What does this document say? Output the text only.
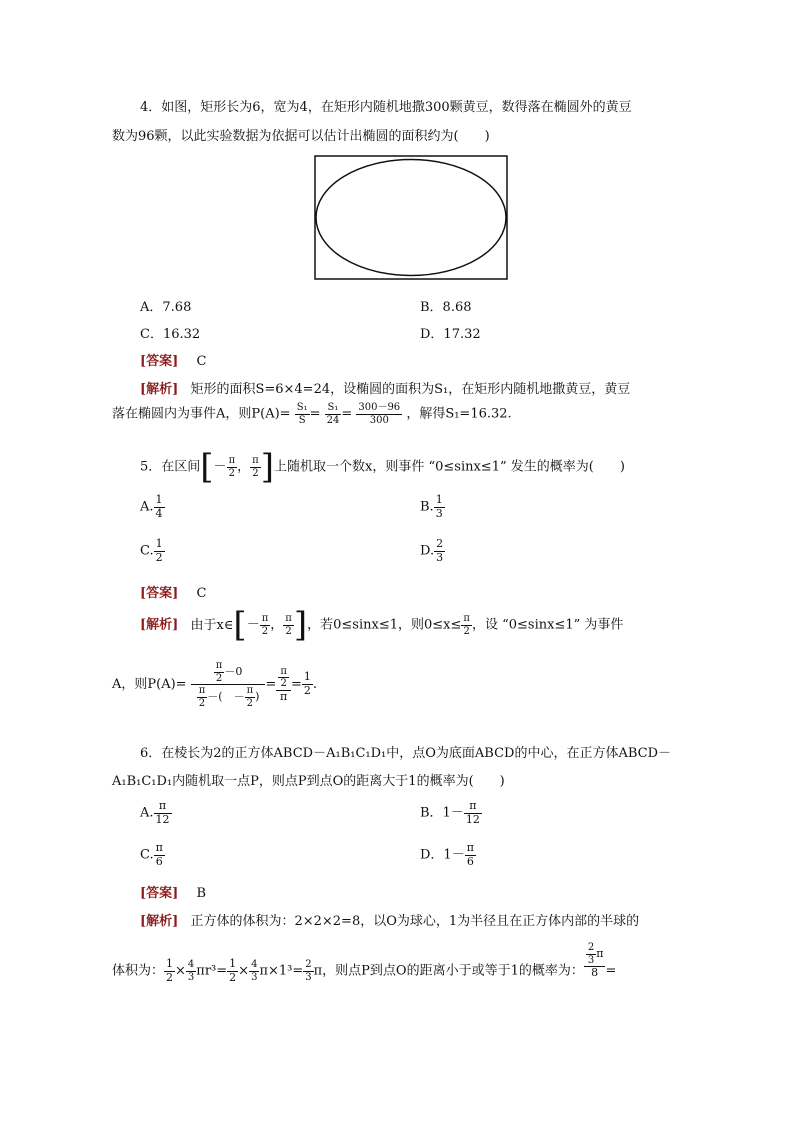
4．如图，矩形长为6，宽为4，在矩形内随机地撒300颗黄豆，数得落在椭圆外的黄豆
数为96颗，以此实验数据为依据可以估计出椭圆的面积约为(　　)
A．7.68	B．8.68
C．16.32	D．17.32
[答案] C
[解析] 矩形的面积S=6×4=24，设椭圆的面积为S₁，在矩形内随机地撒黄豆，黄豆
落在椭圆内为事件A，则$P(A)= \frac{\text{S₁}}{S} = \frac{\text{S₁}}{24} = \frac{300-96}{300}$ ，解得S₁=16.32.
5．在区间[－ $\frac{\pi}{2}$ ， $\frac{\pi}{2}$ ]上随机取一个数x，则事件 “0≤sinx≤1” 发生的概率为(　　)
A. $\frac{1}{4}$	B. $\frac{1}{3}$
C. $\frac{1}{2}$	D. $\frac{2}{3}$
[答案] C
[解析] 由于x∈[－ $\frac{\pi}{2}$ ， $\frac{\pi}{2}$ ]，若0≤sinx≤1，则$0\le x\le \frac{\pi}{2}$ ，设 “0≤sinx≤1” 为事件
A，则$P(A)= \frac{\frac{\pi}{2} -0}{\frac{\pi}{2} -( - \frac{\pi}{2} )} = \frac{\frac{\pi}{2}}{\pi} = \frac{1}{2}$ .
6．在棱长为2的正方体ABCD－A₁B₁C₁D₁中，点O为底面ABCD的中心，在正方体ABCD－
A₁B₁C₁D₁内随机取一点P，则点P到点O的距离大于1的概率为(　　)
A. $\frac{\pi}{12}$	B．$1- \frac{\pi}{12}$
C. $\frac{\pi}{6}$	D．$1- \frac{\pi}{6}$
[答案] B
[解析] 正方体的体积为：2×2×2=8，以O为球心，1为半径且在正方体内部的半球的
体积为： $\frac{1}{2} \times \frac{4}{3} \pi r^3= \frac{1}{2} \times \frac{4}{3} \pi\times 1^3= \frac{2}{3}$ π，则点P到点O的距离小于或等于1的概率为： $\frac{\frac{2}{3} \pi}{8}$ =
